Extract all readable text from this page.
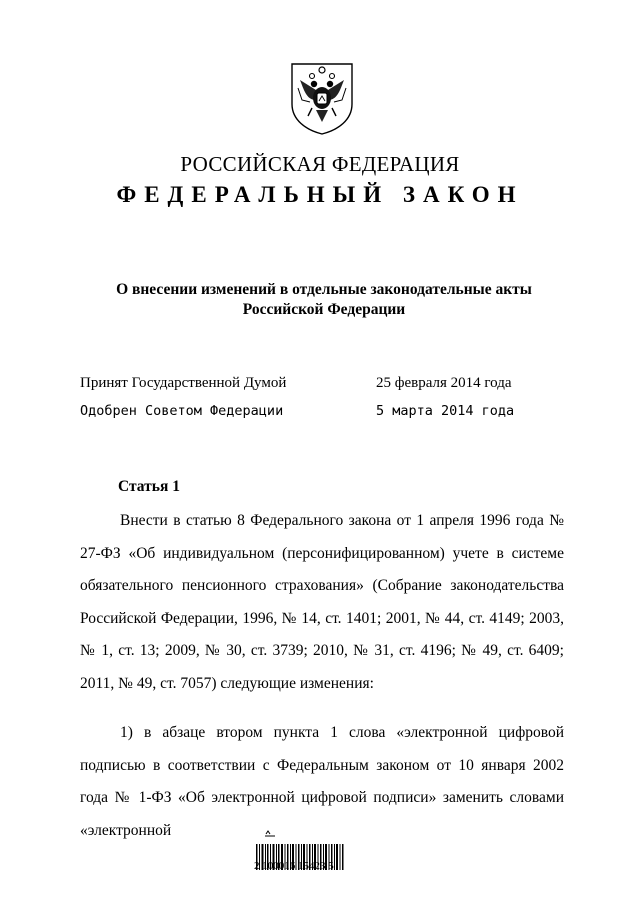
РОССИЙСКАЯ ФЕДЕРАЦИЯ
ФЕДЕРАЛЬНЫЙ ЗАКОН
О внесении изменений в отдельные законодательные акты
Российской Федерации
Принят Государственной Думой	25 февраля 2014 года
Одобрен Советом Федерации	5 марта 2014 года
Статья 1
Внести в статью 8 Федерального закона от 1 апреля 1996 года № 27-ФЗ «Об индивидуальном (персонифицированном) учете в системе обязательного пенсионного страхования» (Собрание законодательства Российской Федерации, 1996, № 14, ст. 1401; 2001, № 44, ст. 4149; 2003, № 1, ст. 13; 2009, № 30, ст. 3739; 2010, № 31, ст. 4196; № 49, ст. 6409; 2011, № 49, ст. 7057) следующие изменения:
1) в абзаце втором пункта 1 слова «электронной цифровой подписью в соответствии с Федеральным законом от 10 января 2002 года № 1-ФЗ «Об электронной цифровой подписи» заменить словами «электронной
2 100016 15423 5
